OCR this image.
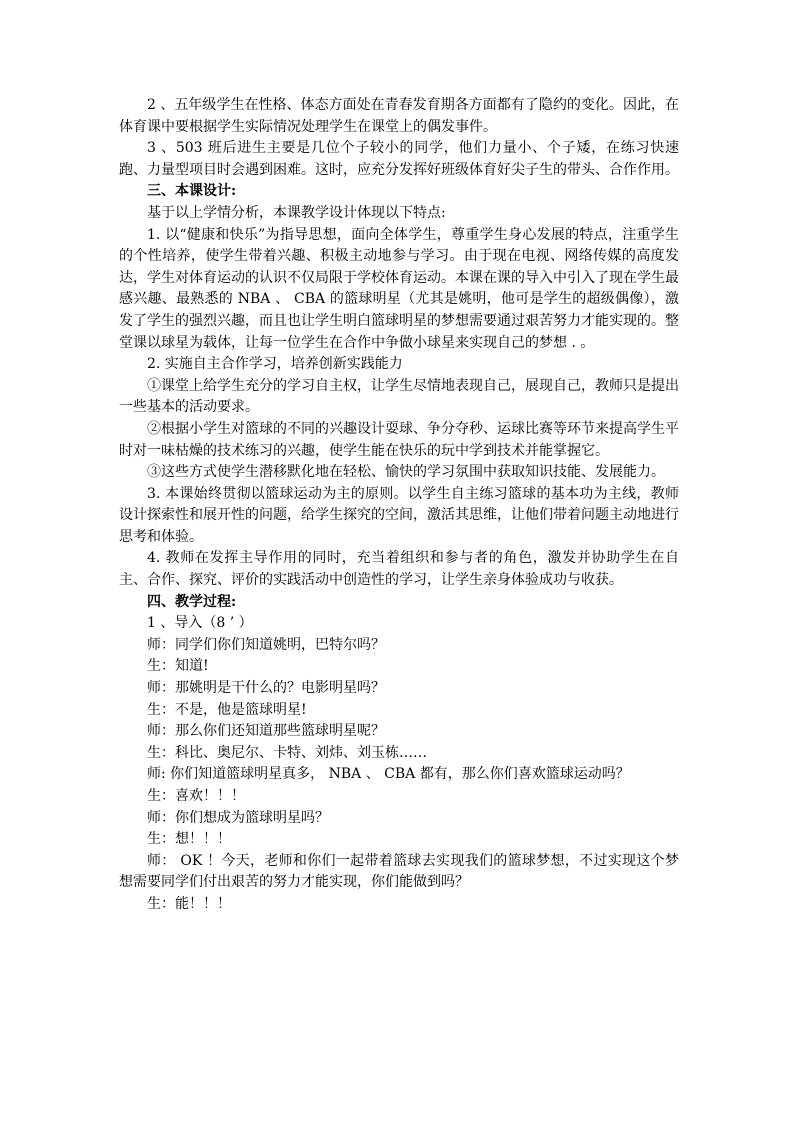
2 、五年级学生在性格、体态方面处在青春发育期各方面都有了隐约的变化。因此，在体育课中要根据学生实际情况处理学生在课堂上的偶发事件。

3 、503 班后进生主要是几位个子较小的同学，他们力量小、个子矮，在练习快速跑、力量型项目时会遇到困难。这时，应充分发挥好班级体育好尖子生的带头、合作作用。

三、本课设计:

基于以上学情分析，本课教学设计体现以下特点:

1. 以“健康和快乐”为指导思想，面向全体学生，尊重学生身心发展的特点，注重学生的个性培养，使学生带着兴趣、积极主动地参与学习。由于现在电视、网络传媒的高度发达，学生对体育运动的认识不仅局限于学校体育运动。本课在课的导入中引入了现在学生最感兴趣、最熟悉的 NBA 、 CBA 的篮球明星（尤其是姚明，他可是学生的超级偶像），激发了学生的强烈兴趣，而且也让学生明白篮球明星的梦想需要通过艰苦努力才能实现的。整堂课以球星为载体，让每一位学生在合作中争做小球星来实现自己的梦想 . 。

2. 实施自主合作学习，培养创新实践能力

①课堂上给学生充分的学习自主权，让学生尽情地表现自己，展现自己，教师只是提出一些基本的活动要求。

②根据小学生对篮球的不同的兴趣设计耍球、争分夺秒、运球比赛等环节来提高学生平时对一味枯燥的技术练习的兴趣，使学生能在快乐的玩中学到技术并能掌握它。

③这些方式使学生潜移默化地在轻松、愉快的学习氛围中获取知识技能、发展能力。

3. 本课始终贯彻以篮球运动为主的原则。以学生自主练习篮球的基本功为主线，教师设计探索性和展开性的问题，给学生探究的空间，激活其思维，让他们带着问题主动地进行思考和体验。

4. 教师在发挥主导作用的同时，充当着组织和参与者的角色，激发并协助学生在自主、合作、探究、评价的实践活动中创造性的学习，让学生亲身体验成功与收获。

四、教学过程:

1 、导入（8 ’ ）

师：同学们你们知道姚明，巴特尔吗？

生：知道!

师：那姚明是干什么的？电影明星吗？

生：不是，他是篮球明星!

师：那么你们还知道那些篮球明星呢？

生：科比、奥尼尔、卡特、刘炜、刘玉栋……

师: 你们知道篮球明星真多， NBA 、 CBA 都有，那么你们喜欢篮球运动吗？

生：喜欢！！！

师：你们想成为篮球明星吗？

生：想！！！

师： OK ！今天，老师和你们一起带着篮球去实现我们的篮球梦想，不过实现这个梦想需要同学们付出艰苦的努力才能实现，你们能做到吗？

生：能！！！
